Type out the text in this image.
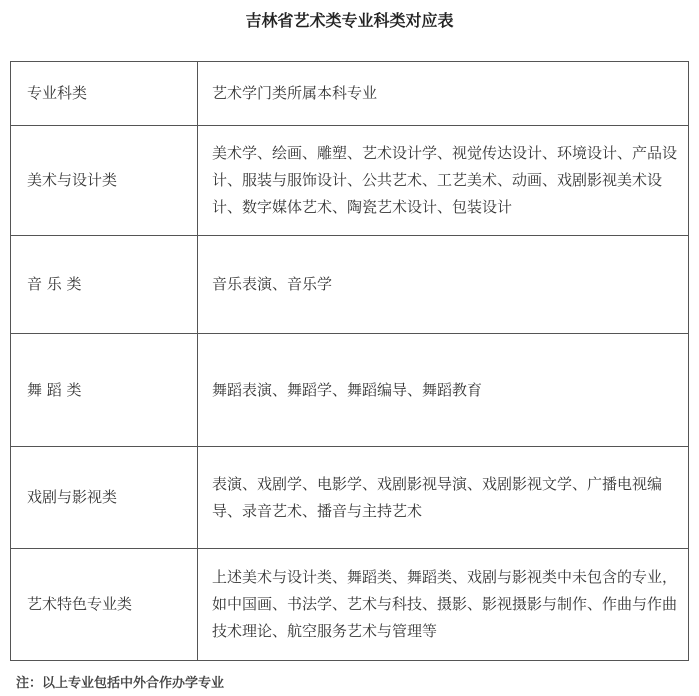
吉林省艺术类专业科类对应表
专业科类	艺术学门类所属本科专业
美术与设计类	美术学、绘画、雕塑、艺术设计学、视觉传达设计、环境设计、产品设计、服装与服饰设计、公共艺术、工艺美术、动画、戏剧影视美术设计、数字媒体艺术、陶瓷艺术设计、包装设计
音 乐 类	音乐表演、音乐学
舞 蹈 类	舞蹈表演、舞蹈学、舞蹈编导、舞蹈教育
戏剧与影视类	表演、戏剧学、电影学、戏剧影视导演、戏剧影视文学、广播电视编导、录音艺术、播音与主持艺术
艺术特色专业类	上述美术与设计类、舞蹈类、舞蹈类、戏剧与影视类中未包含的专业，如中国画、书法学、艺术与科技、摄影、影视摄影与制作、作曲与作曲技术理论、航空服务艺术与管理等
注：以上专业包括中外合作办学专业
